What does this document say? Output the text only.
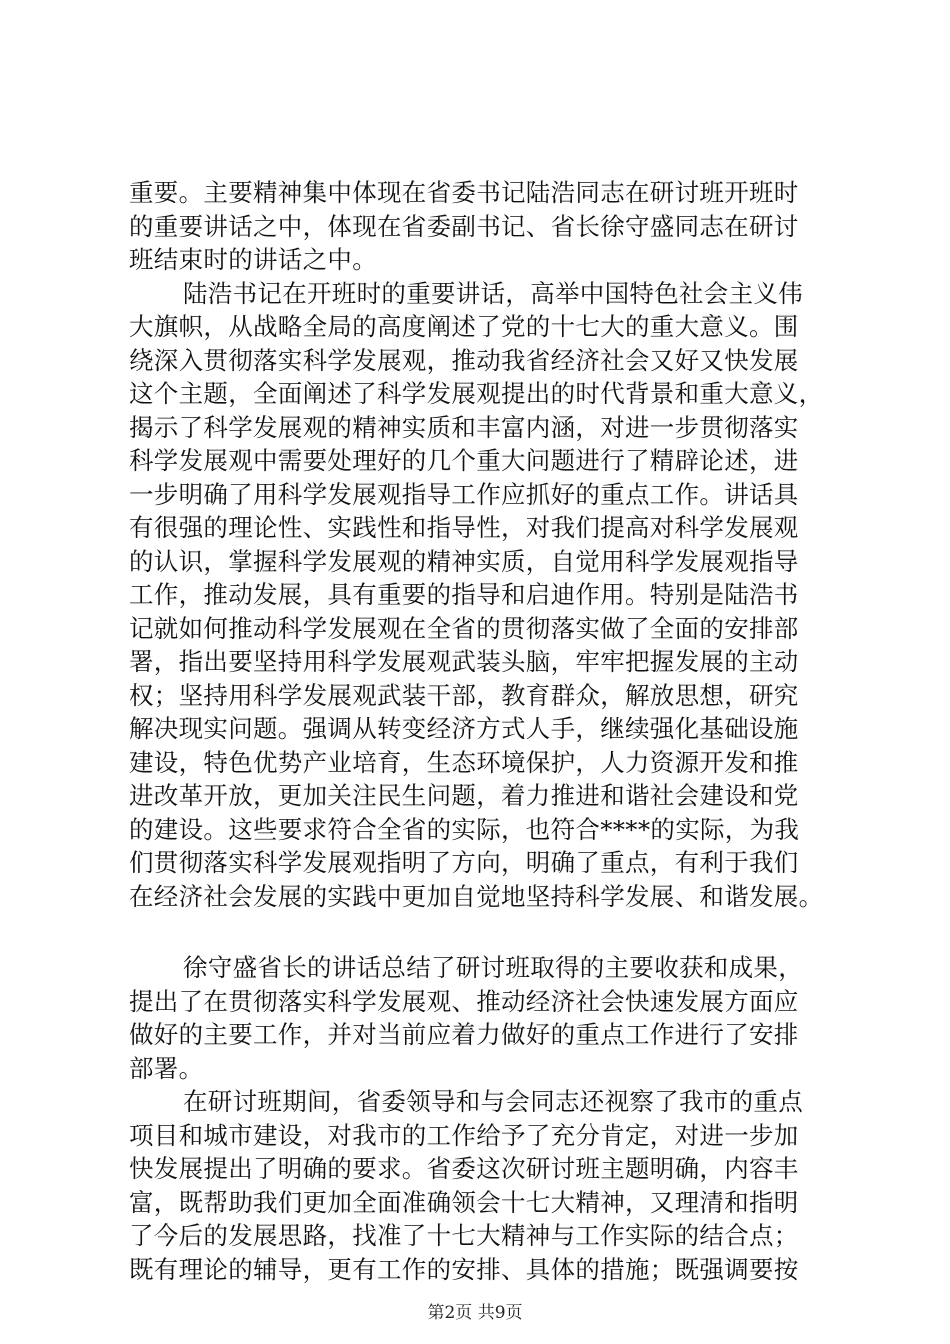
重要。主要精神集中体现在省委书记陆浩同志在研讨班开班时
的重要讲话之中，体现在省委副书记、省长徐守盛同志在研讨
班结束时的讲话之中。
陆浩书记在开班时的重要讲话，高举中国特色社会主义伟
大旗帜，从战略全局的高度阐述了党的十七大的重大意义。围
绕深入贯彻落实科学发展观，推动我省经济社会又好又快发展
这个主题，全面阐述了科学发展观提出的时代背景和重大意义，
揭示了科学发展观的精神实质和丰富内涵，对进一步贯彻落实
科学发展观中需要处理好的几个重大问题进行了精辟论述，进
一步明确了用科学发展观指导工作应抓好的重点工作。讲话具
有很强的理论性、实践性和指导性，对我们提高对科学发展观
的认识，掌握科学发展观的精神实质，自觉用科学发展观指导
工作，推动发展，具有重要的指导和启迪作用。特别是陆浩书
记就如何推动科学发展观在全省的贯彻落实做了全面的安排部
署，指出要坚持用科学发展观武装头脑，牢牢把握发展的主动
权；坚持用科学发展观武装干部，教育群众，解放思想，研究
解决现实问题。强调从转变经济方式人手，继续强化基础设施
建设，特色优势产业培育，生态环境保护，人力资源开发和推
进改革开放，更加关注民生问题，着力推进和谐社会建设和党
的建设。这些要求符合全省的实际，也符合****的实际，为我
们贯彻落实科学发展观指明了方向，明确了重点，有利于我们
在经济社会发展的实践中更加自觉地坚持科学发展、和谐发展。
徐守盛省长的讲话总结了研讨班取得的主要收获和成果，
提出了在贯彻落实科学发展观、推动经济社会快速发展方面应
做好的主要工作，并对当前应着力做好的重点工作进行了安排
部署。
在研讨班期间，省委领导和与会同志还视察了我市的重点
项目和城市建设，对我市的工作给予了充分肯定，对进一步加
快发展提出了明确的要求。省委这次研讨班主题明确，内容丰
富，既帮助我们更加全面准确领会十七大精神，又理清和指明
了今后的发展思路，找准了十七大精神与工作实际的结合点；
既有理论的辅导，更有工作的安排、具体的措施；既强调要按
第2页 共9页
